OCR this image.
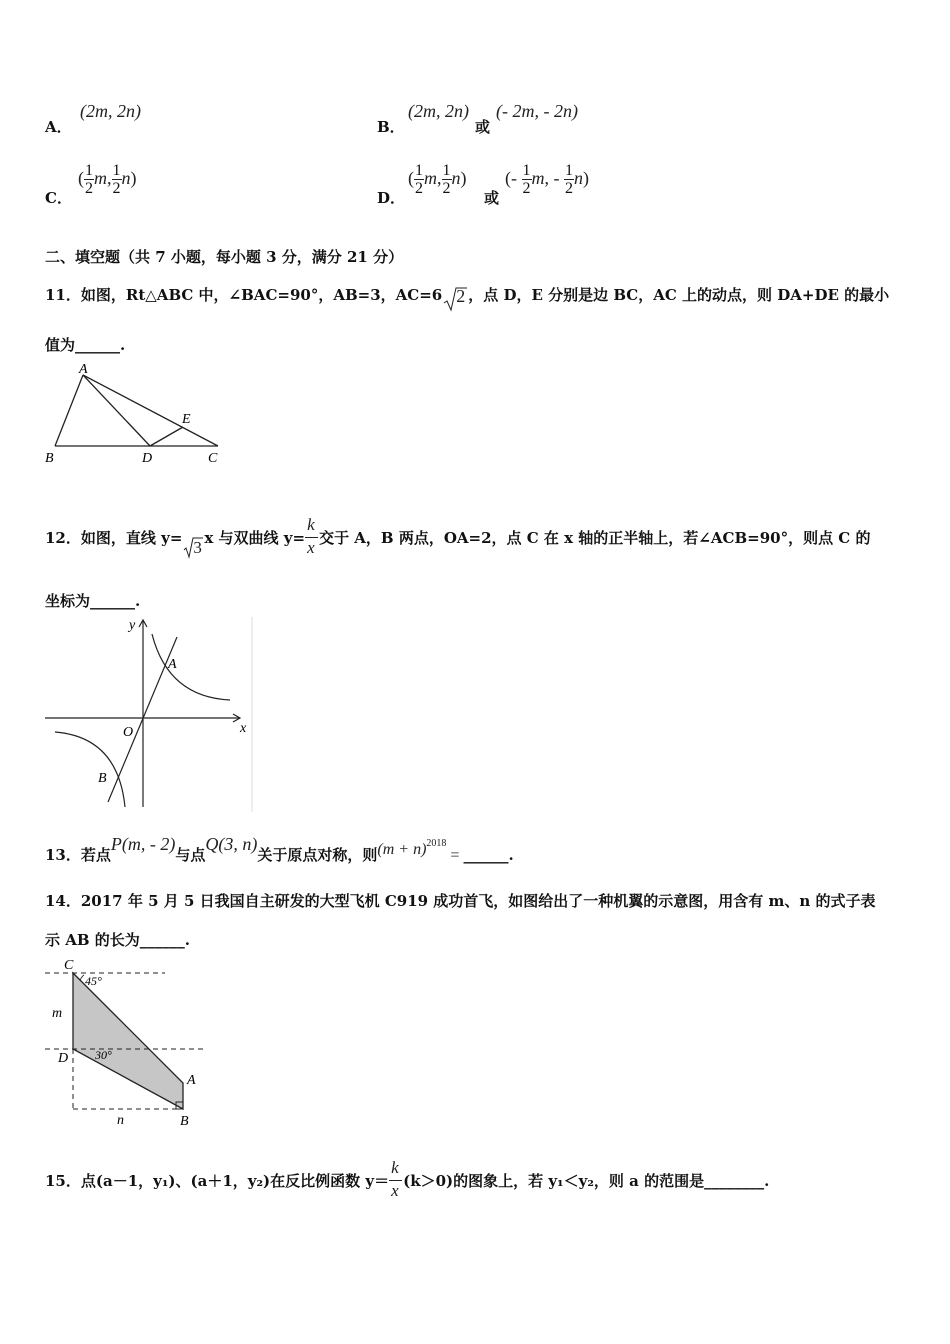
A．
(2m, 2n)
B．
(2m, 2n)
或
(- 2m, - 2n)
C．
( $\frac{1}{2} m$, $\frac{1}{2} n$)
D．
( $\frac{1}{2} m$, $\frac{1}{2} n$)
或
(- $\frac{1}{2} m$, - $\frac{1}{2} n$)
二、填空题（共 7 小题，每小题 3 分，满分 21 分）
11．如图，Rt△ABC 中，∠BAC=90°，AB=3，AC=6 2 ，点 D，E 分别是边 BC，AC 上的动点，则 DA+DE 的最小
值为______.
A
B	D	C
E
12．如图，直线 y= 3 x 与双曲线 y=
$\frac{k}{x}$
交于 A，B 两点，OA=2，点 C 在 x 轴的正半轴上，若∠ACB=90°，则点 C 的
坐标为______.
y
x
O
A
B
13．若点P(m, - 2)与点Q(3, n)关于原点对称，则$(m + n)^{2018}=$ ______.
14．2017 年 5 月 5 日我国自主研发的大型飞机 C919 成功首飞，如图给出了一种机翼的示意图，用含有 m、n 的式子表
示 AB 的长为______.
C
45°
m
D 30°
A
B
n
15．点(a－1，y₁)、(a＋1，y₂)在反比例函数 y＝
$\frac{k}{x}$
(k＞0)的图象上，若 y₁＜y₂，则 a 的范围是________.
